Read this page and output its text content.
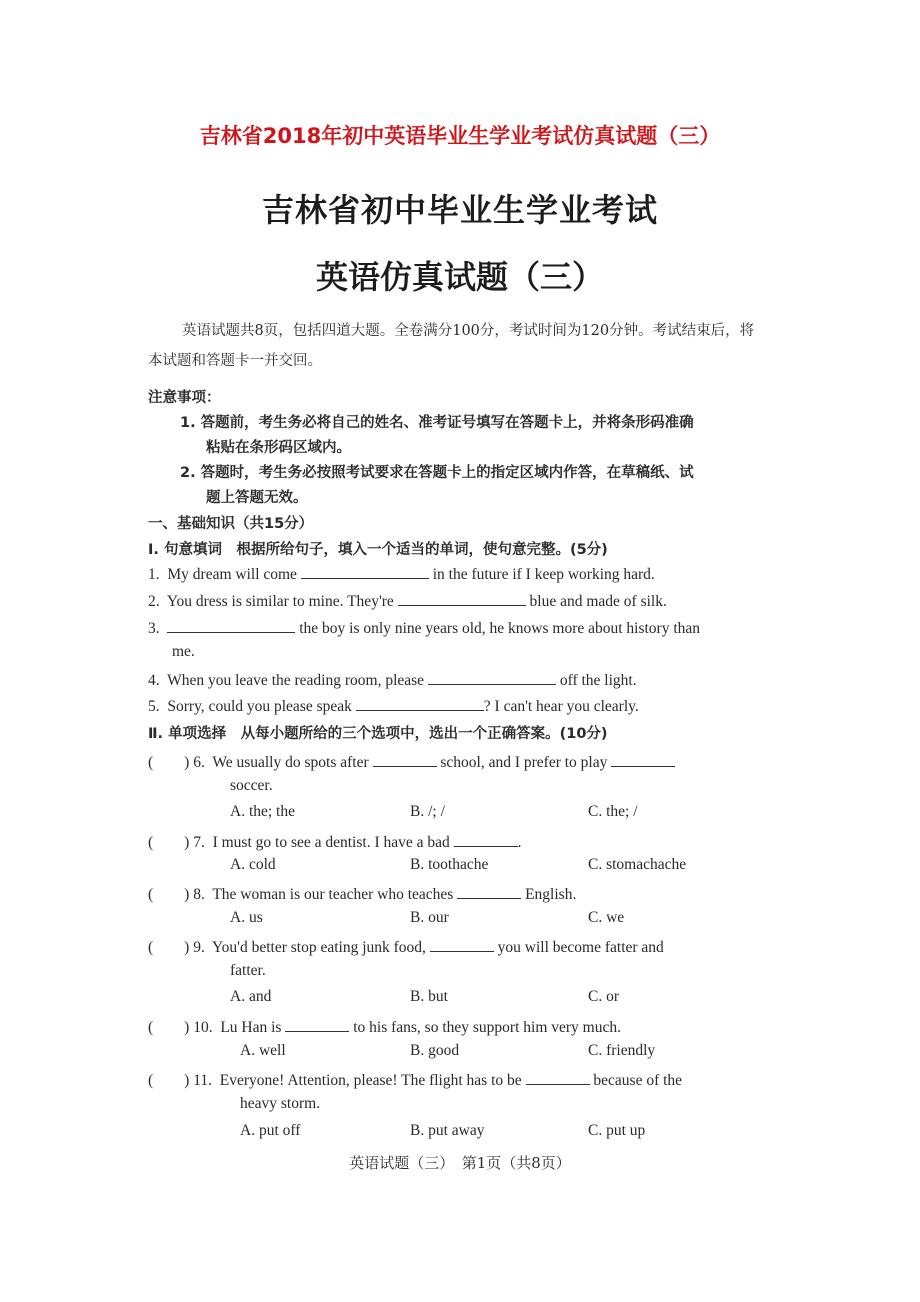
吉林省2018年初中英语毕业生学业考试仿真试题（三）
吉林省初中毕业生学业考试
英语仿真试题（三）
英语试题共8页，包括四道大题。全卷满分100分，考试时间为120分钟。考试结束后，将本试题和答题卡一并交回。
注意事项：
1. 答题前，考生务必将自己的姓名、准考证号填写在答题卡上，并将条形码准确
粘贴在条形码区域内。
2. 答题时，考生务必按照考试要求在答题卡上的指定区域内作答，在草稿纸、试
题上答题无效。
一、基础知识（共15分）
Ⅰ. 句意填词　根据所给句子，填入一个适当的单词，使句意完整。(5分)
1. My dream will come	in the future if I keep working hard.
2. You dress is similar to mine. They're	blue and made of silk.
3.	the boy is only nine years old, he knows more about history than
me.
4. When you leave the reading room, please	off the light.
5. Sorry, could you please speak	? I can't hear you clearly.
Ⅱ. 单项选择　从每小题所给的三个选项中，选出一个正确答案。(10分)
(　　) 6. We usually do spots after	school, and I prefer to play
soccer.
A. the; the	B. /; /	C. the; /
(　　) 7. I must go to see a dentist. I have a bad	.
A. cold	B. toothache	C. stomachache
(　　) 8. The woman is our teacher who teaches	English.
A. us	B. our	C. we
(　　) 9. You'd better stop eating junk food,	you will become fatter and
fatter.
A. and	B. but	C. or
(　　) 10. Lu Han is	to his fans, so they support him very much.
A. well	B. good	C. friendly
(　　) 11. Everyone! Attention, please! The flight has to be	because of the
heavy storm.
A. put off	B. put away	C. put up
英语试题（三）　第1页（共8页）
